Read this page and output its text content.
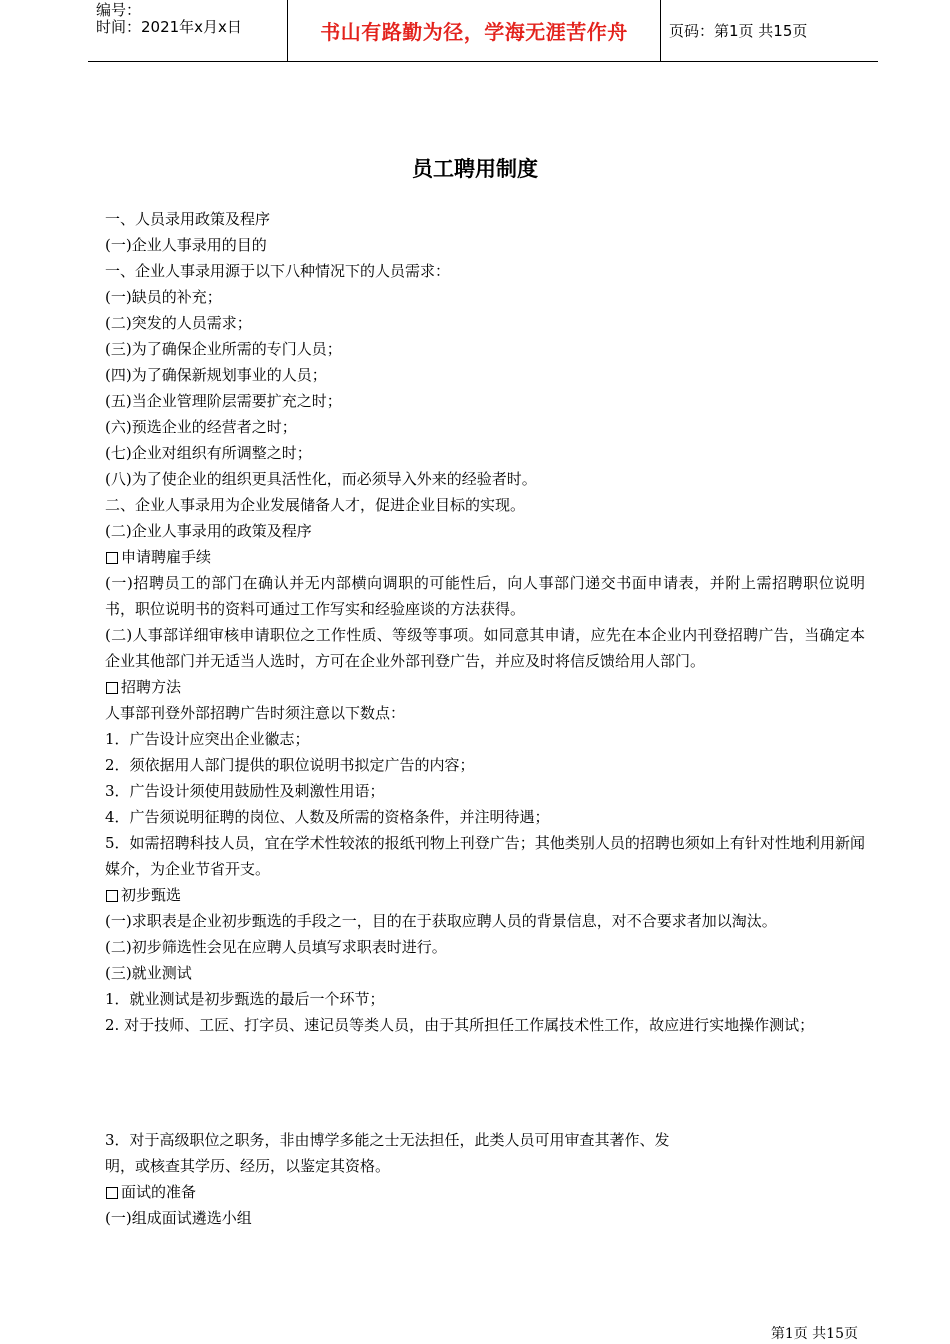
编号：
时间：2021年x月x日	书山有路勤为径，学海无涯苦作舟	页码：第1页 共15页
员工聘用制度

一、人员录用政策及程序

(一)企业人事录用的目的

一、企业人事录用源于以下八种情况下的人员需求：

(一)缺员的补充；

(二)突发的人员需求；

(三)为了确保企业所需的专门人员；

(四)为了确保新规划事业的人员；

(五)当企业管理阶层需要扩充之时；

(六)预选企业的经营者之时；

(七)企业对组织有所调整之时；

(八)为了使企业的组织更具活性化，而必须导入外来的经验者时。

二、企业人事录用为企业发展储备人才，促进企业目标的实现。

(二)企业人事录用的政策及程序

申请聘雇手续

(一)招聘员工的部门在确认并无内部横向调职的可能性后，向人事部门递交书面申请表，并附上需招聘职位说明书，职位说明书的资料可通过工作写实和经验座谈的方法获得。

(二)人事部详细审核申请职位之工作性质、等级等事项。如同意其申请，应先在本企业内刊登招聘广告，当确定本企业其他部门并无适当人选时，方可在企业外部刊登广告，并应及时将信反馈给用人部门。

招聘方法

人事部刊登外部招聘广告时须注意以下数点：

1．广告设计应突出企业徽志；

2．须依据用人部门提供的职位说明书拟定广告的内容；

3．广告设计须使用鼓励性及刺激性用语；

4．广告须说明征聘的岗位、人数及所需的资格条件，并注明待遇；

5．如需招聘科技人员，宜在学术性较浓的报纸刊物上刊登广告；其他类别人员的招聘也须如上有针对性地利用新闻媒介，为企业节省开支。

初步甄选

(一)求职表是企业初步甄选的手段之一，目的在于获取应聘人员的背景信息，对不合要求者加以淘汰。

(二)初步筛选性会见在应聘人员填写求职表时进行。

(三)就业测试

1．就业测试是初步甄选的最后一个环节；

2. 对于技师、工匠、打字员、速记员等类人员，由于其所担任工作属技术性工作，故应进行实地操作测试；

3．对于高级职位之职务，非由博学多能之士无法担任，此类人员可用审查其著作、发

明，或核查其学历、经历，以鉴定其资格。

面试的准备

(一)组成面试遴选小组

第1页 共15页
